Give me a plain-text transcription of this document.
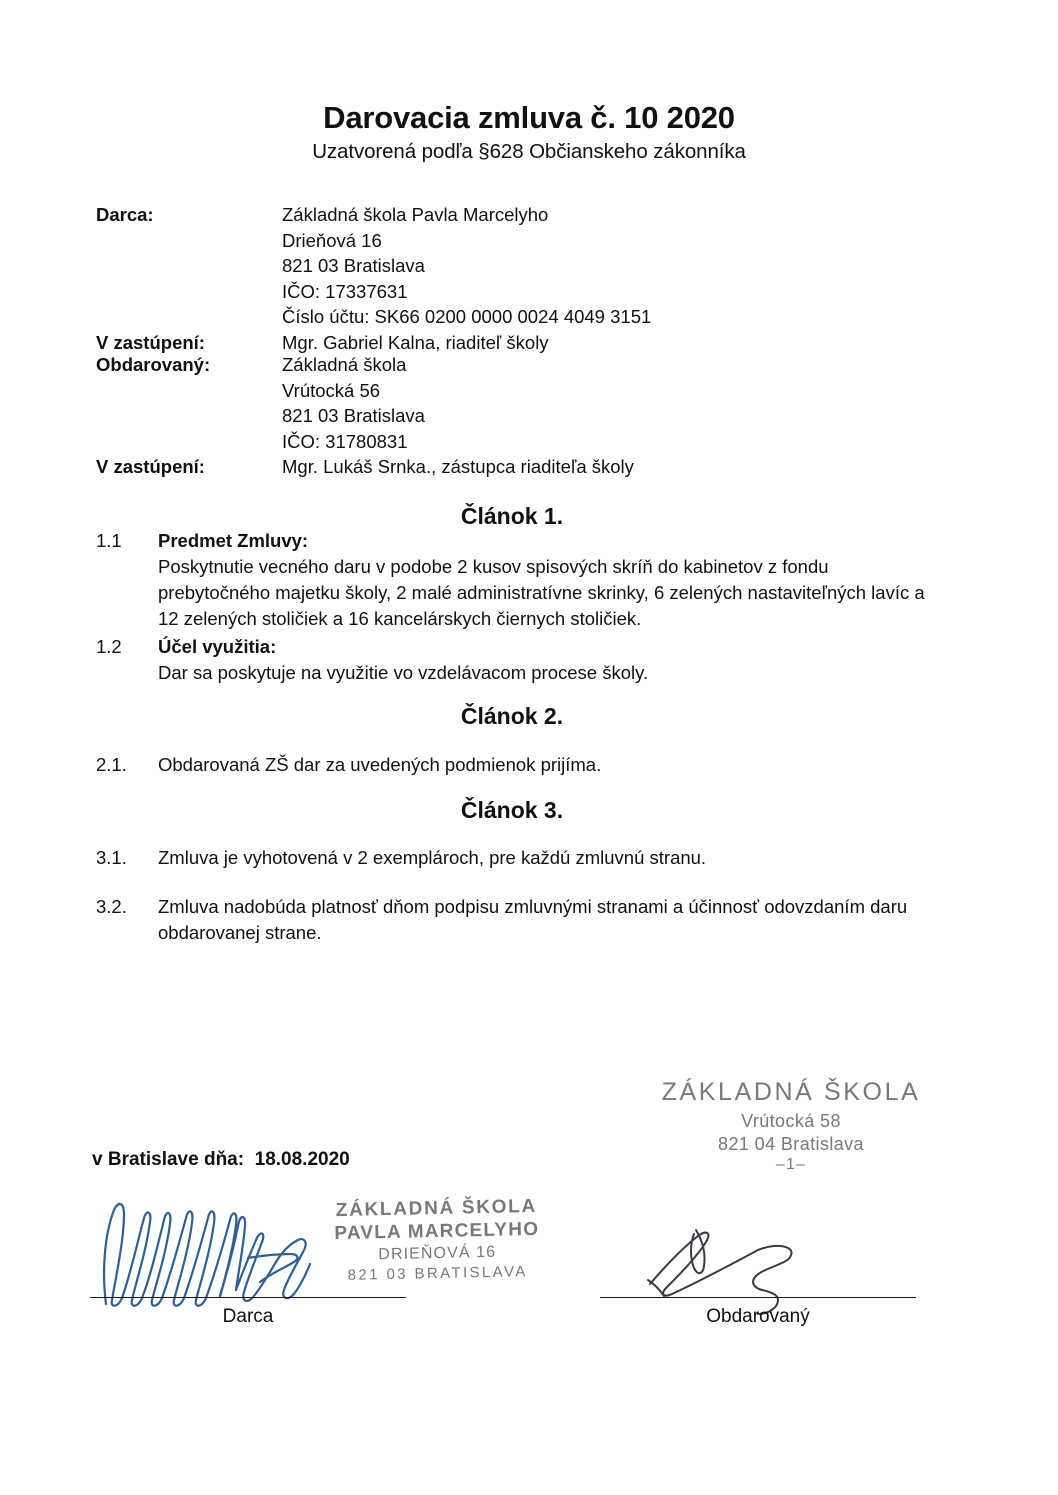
Darovacia zmluva č. 10 2020
Uzatvorená podľa §628 Občianskeho zákonníka
Darca:	Základná škola Pavla Marcelyho
Drieňová 16
821 03 Bratislava
IČO: 17337631
Číslo účtu: SK66 0200 0000 0024 4049 3151
V zastúpení:	Mgr. Gabriel Kalna, riaditeľ školy
Obdarovaný:	Základná škola
Vrútocká 56
821 03 Bratislava
IČO: 31780831
V zastúpení:	Mgr. Lukáš Srnka., zástupca riaditeľa školy
Článok 1.
1.1	Predmet Zmluvy:
Poskytnutie vecného daru v podobe 2 kusov spisových skríň do kabinetov z fondu prebytočného majetku školy, 2 malé administratívne skrinky, 6 zelených nastaviteľných lavíc a 12 zelených stoličiek a 16 kancelárskych čiernych stoličiek.
1.2	Účel využitia:
Dar sa poskytuje na využitie vo vzdelávacom procese školy.
Článok 2.
2.1.	Obdarovaná ZŠ dar za uvedených podmienok prijíma.
Článok 3.
3.1.	Zmluva je vyhotovená v 2 exemplároch, pre každú zmluvnú stranu.
3.2.	Zmluva nadobúda platnosť dňom podpisu zmluvnými stranami a účinnosť odovzdaním daru obdarovanej strane.
ZÁKLADNÁ ŠKOLA
Vrútocká 58
821 04 Bratislava
–1–
v Bratislave dňa:  18.08.2020
ZÁKLADNÁ ŠKOLA
PAVLA MARCELYHO
DRIEŇOVÁ 16
821 03 BRATISLAVA
Darca	Obdarovaný
